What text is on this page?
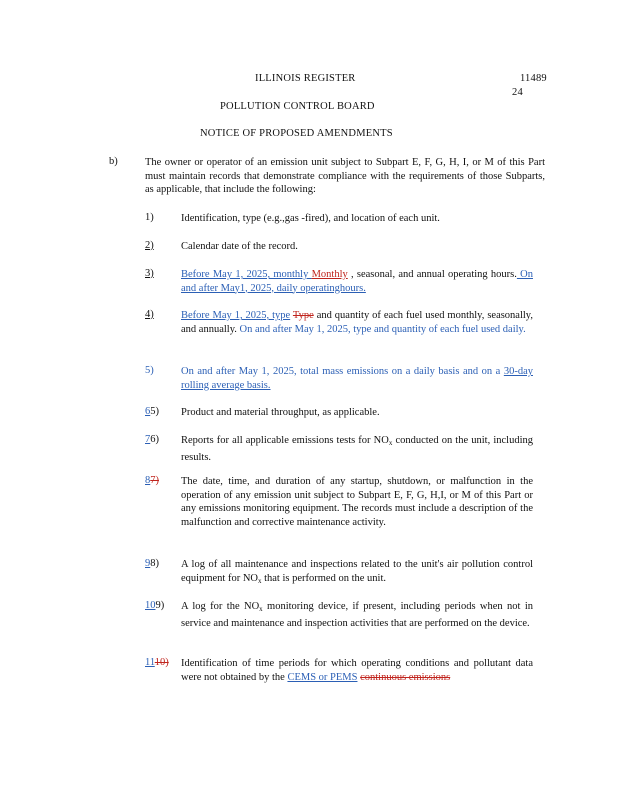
ILLINOIS REGISTER	11489
24
POLLUTION CONTROL BOARD
NOTICE OF PROPOSED AMENDMENTS
b)	The owner or operator of an emission unit subject to Subpart E, F, G, H, I, or M of this Part must maintain records that demonstrate compliance with the requirements of those Subparts, as applicable, that include the following:
1)	Identification, type (e.g.,gas -fired), and location of each unit.
2)	Calendar date of the record.
3)	Before May 1, 2025, monthly Monthly , seasonal, and annual operating hours. On and after May1, 2025, daily operatinghours.
4)	Before May 1, 2025, type Type and quantity of each fuel used monthly, seasonally, and annually. On and after May 1, 2025, type and quantity of each fuel used daily.
5)	On and after May 1, 2025, total mass emissions on a daily basis and on a 30-day rolling average basis.
65)	Product and material throughput, as applicable.
76)	Reports for all applicable emissions tests for $NO_x$ conducted on the unit, including results.
87)	The date, time, and duration of any startup, shutdown, or malfunction in the operation of any emission unit subject to Subpart E, F, G, H,I, or M of this Part or any emissions monitoring equipment. The records must include a description of the malfunction and corrective maintenance activity.
98)	A log of all maintenance and inspections related to the unit's air pollution control equipment for $NO_x$ that is performed on the unit.
109)	A log for the $NO_x$ monitoring device, if present, including periods when not in service and maintenance and inspection activities that are performed on the device.
1110)	Identification of time periods for which operating conditions and pollutant data were not obtained by the CEMS or PEMS continuous emissions
